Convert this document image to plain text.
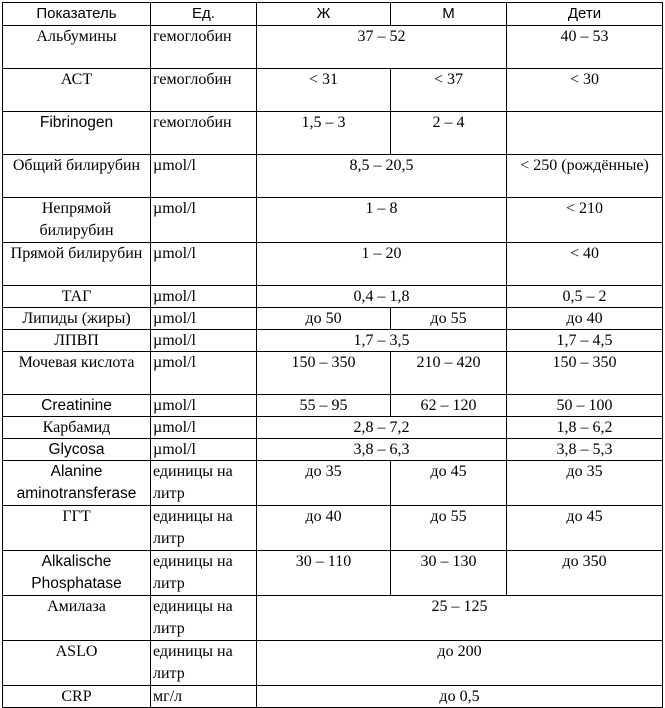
Показатель	Ед.	Ж	М	Дети
Альбумины	гемоглобин	37 – 52		40 – 53
АСТ	гемоглобин	< 31	< 37	< 30
Fibrinogen	гемоглобин	1,5 – 3	2 – 4	
Общий билирубин	µmol/l	8,5 – 20,5		< 250 (рождённые)
Непрямой билирубин	µmol/l	1 – 8		< 210
Прямой билирубин	µmol/l	1 – 20		< 40
ТАГ	µmol/l	0,4 – 1,8		0,5 – 2
Липиды (жиры)	µmol/l	до 50	до 55	до 40
ЛПВП	µmol/l	1,7 – 3,5		1,7 – 4,5
Мочевая кислота	µmol/l	150 – 350	210 – 420	150 – 350
Creatinine	µmol/l	55 – 95	62 – 120	50 – 100
Карбамид	µmol/l	2,8 – 7,2		1,8 – 6,2
Glycosa	µmol/l	3,8 – 6,3		3,8 – 5,3
Alanine aminotransferase	единицы на литр	до 35	до 45	до 35
ГГТ	единицы на литр	до 40	до 55	до 45
Alkalische Phosphatase	единицы на литр	30 – 110	30 – 130	до 350
Амилаза	единицы на литр	25 – 125		
ASLO	единицы на литр	до 200		
CRP	мг/л	до 0,5		
